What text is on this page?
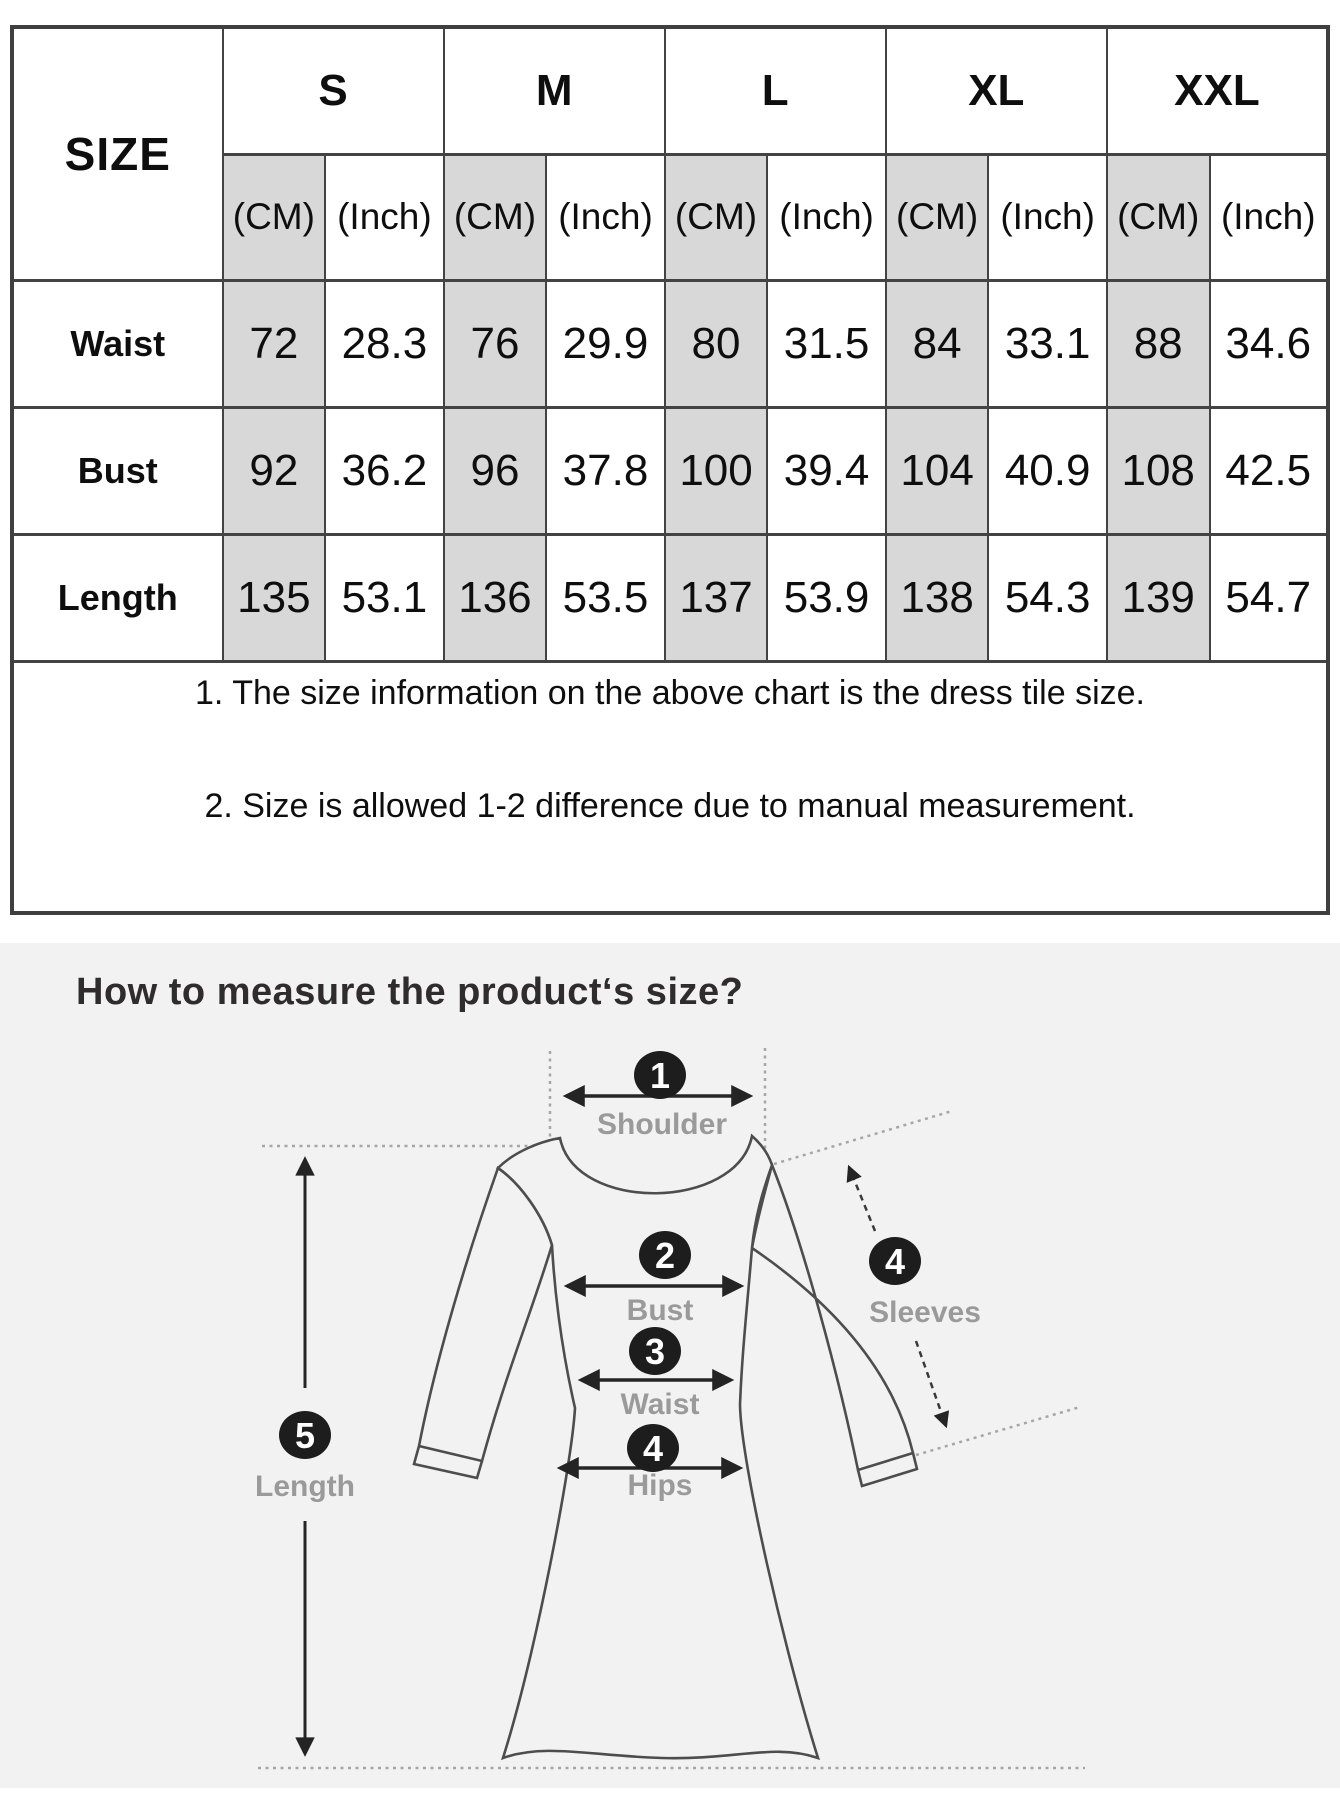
SIZE	S		M		L		XL		XXL	
	(CM)	(Inch)	(CM)	(Inch)	(CM)	(Inch)	(CM)	(Inch)	(CM)	(Inch)
Waist	72	28.3	76	29.9	80	31.5	84	33.1	88	34.6
Bust	92	36.2	96	37.8	100	39.4	104	40.9	108	42.5
Length	135	53.1	136	53.5	137	53.9	138	54.3	139	54.7

1. The size information on the above chart is the dress tile size.

2. Size is allowed 1-2 difference due to manual measurement.										

How to measure the product‘s size?
1
2
3
4
4
5
Shoulder
Bust
Waist
Hips
Sleeves
Length
